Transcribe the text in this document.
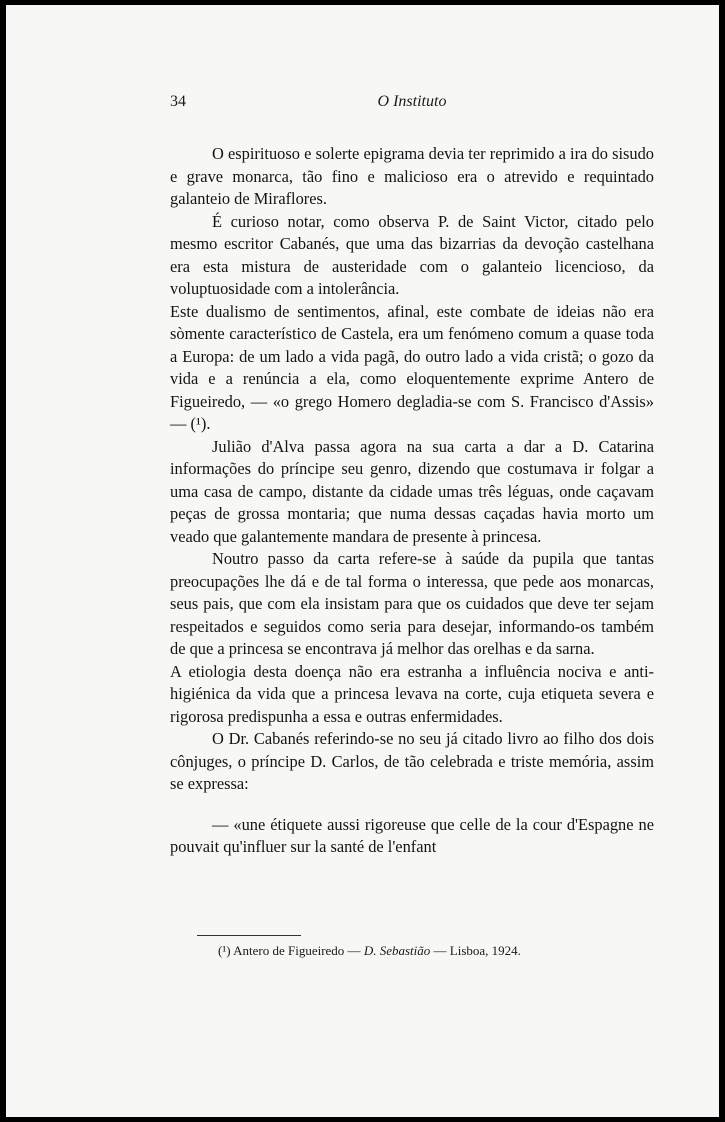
34	O Instituto

O espirituoso e solerte epigrama devia ter reprimido a ira do sisudo e grave monarca, tão fino e malicioso era o atrevido e requintado galanteio de Miraflores.

É curioso notar, como observa P. de Saint Victor, citado pelo mesmo escritor Cabanés, que uma das bizarrias da devoção castelhana era esta mistura de austeridade com o galanteio licencioso, da voluptuosidade com a intolerância.

Este dualismo de sentimentos, afinal, este combate de ideias não era sòmente característico de Castela, era um fenómeno comum a quase toda a Europa: de um lado a vida pagã, do outro lado a vida cristã; o gozo da vida e a renúncia a ela, como eloquentemente exprime Antero de Figueiredo, — «o grego Homero degladia-se com S. Francisco d'Assis» — (¹).

Julião d'Alva passa agora na sua carta a dar a D. Catarina informações do príncipe seu genro, dizendo que costumava ir folgar a uma casa de campo, distante da cidade umas três léguas, onde caçavam peças de grossa montaria; que numa dessas caçadas havia morto um veado que galantemente mandara de presente à princesa.

Noutro passo da carta refere-se à saúde da pupila que tantas preocupações lhe dá e de tal forma o interessa, que pede aos monarcas, seus pais, que com ela insistam para que os cuidados que deve ter sejam respeitados e seguidos como seria para desejar, informando-os também de que a princesa se encontrava já melhor das orelhas e da sarna.

A etiologia desta doença não era estranha a influência nociva e anti-higiénica da vida que a princesa levava na corte, cuja etiqueta severa e rigorosa predispunha a essa e outras enfermidades.

O Dr. Cabanés referindo-se no seu já citado livro ao filho dos dois cônjuges, o príncipe D. Carlos, de tão celebrada e triste memória, assim se expressa:

— «une étiquete aussi rigoreuse que celle de la cour d'Espagne ne pouvait qu'influer sur la santé de l'enfant

(¹) Antero de Figueiredo — D. Sebastião — Lisboa, 1924.
